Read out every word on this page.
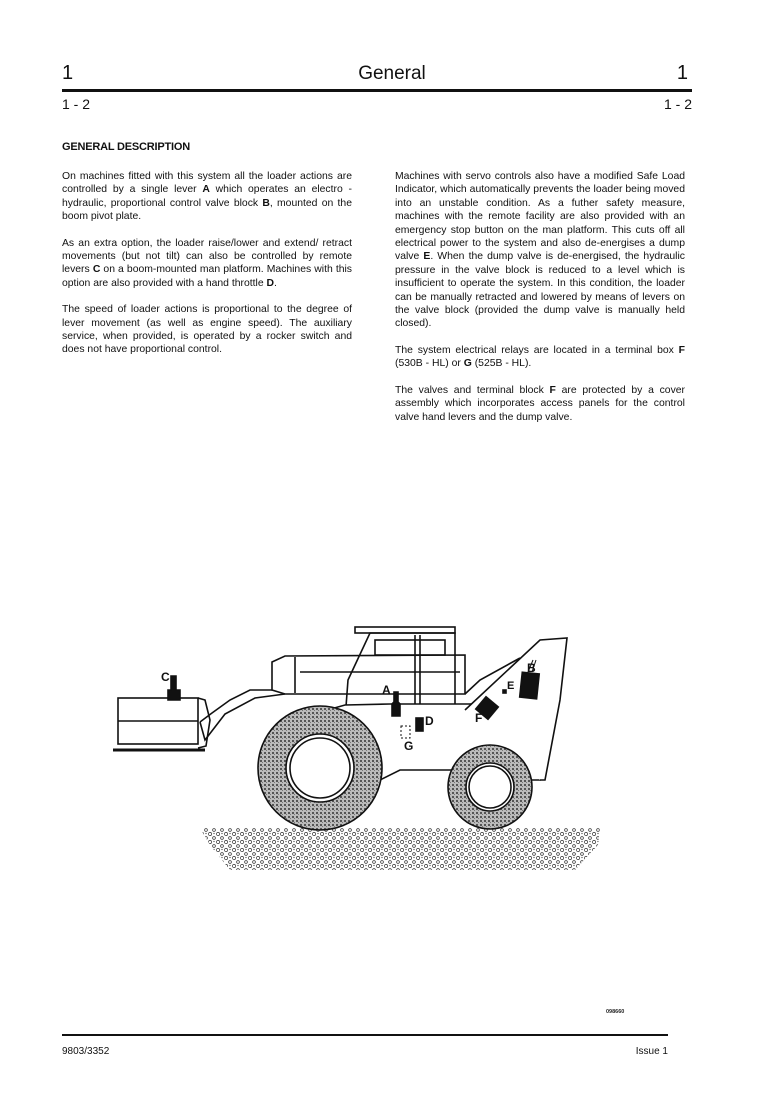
1	General	1
1 - 2	1 - 2
GENERAL DESCRIPTION

On machines fitted with this system all the loader actions are controlled by a single lever A which operates an electro - hydraulic, proportional control valve block B, mounted on the boom pivot plate.

As an extra option, the loader raise/lower and extend/ retract movements (but not tilt) can also be controlled by remote levers C on a boom-mounted man platform. Machines with this option are also provided with a hand throttle D.

The speed of loader actions is proportional to the degree of lever movement (as well as engine speed). The auxiliary service, when provided, is operated by a rocker switch and does not have proportional control.

Machines with servo controls also have a modified Safe Load Indicator, which automatically prevents the loader being moved into an unstable condition. As a futher safety measure, machines with the remote facility are also provided with an emergency stop button on the man platform. This cuts off all electrical power to the system and also de-energises a dump valve E. When the dump valve is de-energised, the hydraulic pressure in the valve block is reduced to a level which is insufficient to operate the system. In this condition, the loader can be manually retracted and lowered by means of levers on the valve block (provided the dump valve is manually held closed).

The system electrical relays are located in a terminal box F (530B - HL) or G (525B - HL).

The valves and terminal block F are protected by a cover assembly which incorporates access panels for the control valve hand levers and the dump valve.

C
A
D
G
F
E
B
098660
9803/3352	Issue 1
